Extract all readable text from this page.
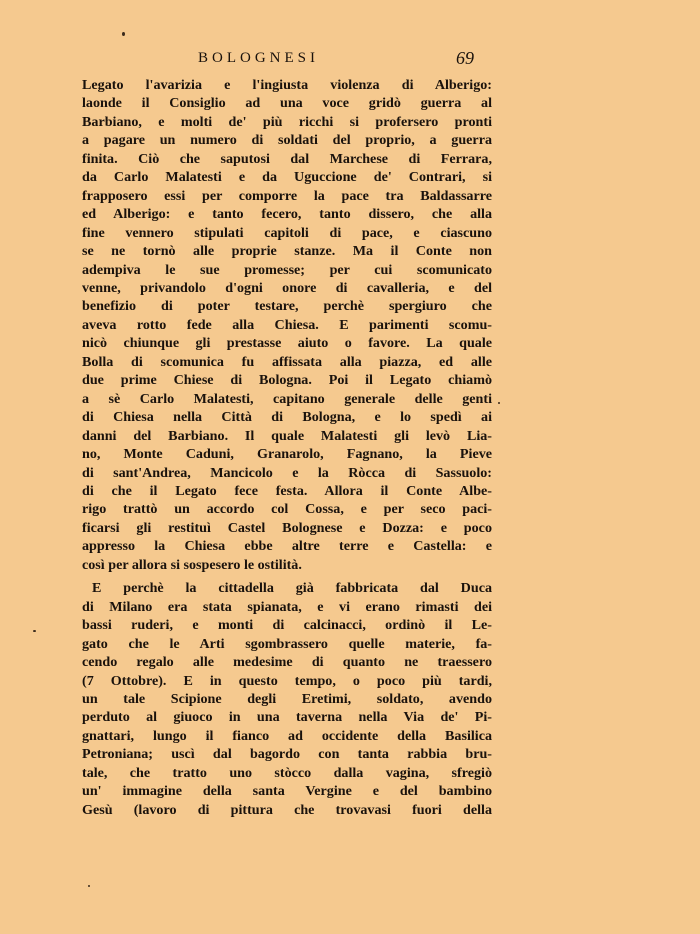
BOLOGNESI	69
Legato l'avarizia e l'ingiusta violenza di Alberigo:
laonde il Consiglio ad una voce gridò guerra al
Barbiano, e molti de' più ricchi si profersero pronti
a pagare un numero di soldati del proprio, a guerra
finita. Ciò che saputosi dal Marchese di Ferrara,
da Carlo Malatesti e da Uguccione de' Contrari, si
frapposero essi per comporre la pace tra Baldassarre
ed Alberigo: e tanto fecero, tanto dissero, che alla
fine vennero stipulati capitoli di pace, e ciascuno
se ne tornò alle proprie stanze. Ma il Conte non
adempiva le sue promesse; per cui scomunicato
venne, privandolo d'ogni onore di cavalleria, e del
benefizio di poter testare, perchè spergiuro che
aveva rotto fede alla Chiesa. E parimenti scomu-
nicò chiunque gli prestasse aiuto o favore. La quale
Bolla di scomunica fu affissata alla piazza, ed alle
due prime Chiese di Bologna. Poi il Legato chiamò
a sè Carlo Malatesti, capitano generale delle genti
di Chiesa nella Città di Bologna, e lo spedì ai
danni del Barbiano. Il quale Malatesti gli levò Lia-
no, Monte Caduni, Granarolo, Fagnano, la Pieve
di sant'Andrea, Mancicolo e la Ròcca di Sassuolo:
di che il Legato fece festa. Allora il Conte Albe-
rigo trattò un accordo col Cossa, e per seco paci-
ficarsi gli restituì Castel Bolognese e Dozza: e poco
appresso la Chiesa ebbe altre terre e Castella: e
così per allora si sospesero le ostilità.
E perchè la cittadella già fabbricata dal Duca
di Milano era stata spianata, e vi erano rimasti dei
bassi ruderi, e monti di calcinacci, ordinò il Le-
gato che le Arti sgombrassero quelle materie, fa-
cendo regalo alle medesime di quanto ne traessero
(7 Ottobre). E in questo tempo, o poco più tardi,
un tale Scipione degli Eretimi, soldato, avendo
perduto al giuoco in una taverna nella Via de' Pi-
gnattari, lungo il fianco ad occidente della Basilica
Petroniana; uscì dal bagordo con tanta rabbia bru-
tale, che tratto uno stòcco dalla vagina, sfregiò
un' immagine della santa Vergine e del bambino
Gesù (lavoro di pittura che trovavasi fuori della
